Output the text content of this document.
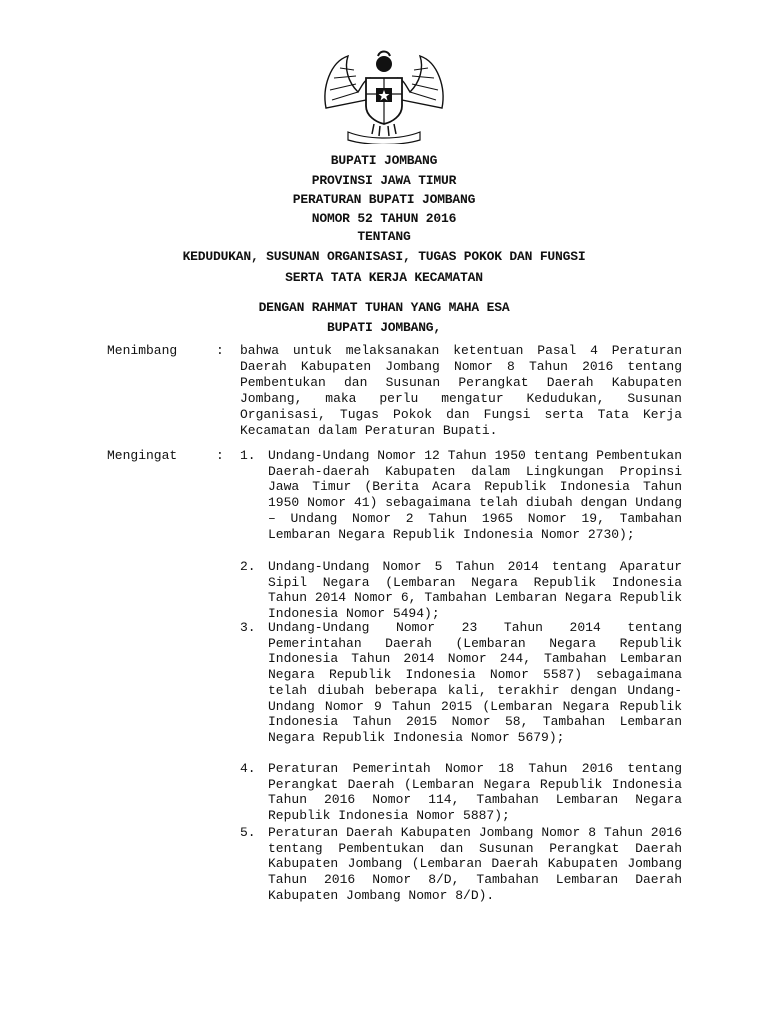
BUPATI JOMBANG
PROVINSI JAWA TIMUR
PERATURAN BUPATI JOMBANG
NOMOR 52 TAHUN 2016
TENTANG
KEDUDUKAN, SUSUNAN ORGANISASI, TUGAS POKOK DAN FUNGSI
SERTA TATA KERJA KECAMATAN
DENGAN RAHMAT TUHAN YANG MAHA ESA
BUPATI JOMBANG,
Menimbang	: bahwa untuk melaksanakan ketentuan Pasal 4 Peraturan Daerah Kabupaten Jombang Nomor 8 Tahun 2016 tentang Pembentukan dan Susunan Perangkat Daerah Kabupaten Jombang, maka perlu mengatur Kedudukan, Susunan Organisasi, Tugas Pokok dan Fungsi serta Tata Kerja Kecamatan dalam Peraturan Bupati.
Mengingat	: 1. Undang-Undang Nomor 12 Tahun 1950 tentang Pembentukan Daerah-daerah Kabupaten dalam Lingkungan Propinsi Jawa Timur (Berita Acara Republik Indonesia Tahun 1950 Nomor 41) sebagaimana telah diubah dengan Undang – Undang Nomor 2 Tahun 1965 Nomor 19, Tambahan Lembaran Negara Republik Indonesia Nomor 2730);
2. Undang-Undang Nomor 5 Tahun 2014 tentang Aparatur Sipil Negara (Lembaran Negara Republik Indonesia Tahun 2014 Nomor 6, Tambahan Lembaran Negara Republik Indonesia Nomor 5494);
3. Undang-Undang Nomor 23 Tahun 2014 tentang Pemerintahan Daerah (Lembaran Negara Republik Indonesia Tahun 2014 Nomor 244, Tambahan Lembaran Negara Republik Indonesia Nomor 5587) sebagaimana telah diubah beberapa kali, terakhir dengan Undang-Undang Nomor 9 Tahun 2015 (Lembaran Negara Republik Indonesia Tahun 2015 Nomor 58, Tambahan Lembaran Negara Republik Indonesia Nomor 5679);
4. Peraturan Pemerintah Nomor 18 Tahun 2016 tentang Perangkat Daerah (Lembaran Negara Republik Indonesia Tahun 2016 Nomor 114, Tambahan Lembaran Negara Republik Indonesia Nomor 5887);
5. Peraturan Daerah Kabupaten Jombang Nomor 8 Tahun 2016 tentang Pembentukan dan Susunan Perangkat Daerah Kabupaten Jombang (Lembaran Daerah Kabupaten Jombang Tahun 2016 Nomor 8/D, Tambahan Lembaran Daerah Kabupaten Jombang Nomor 8/D).
